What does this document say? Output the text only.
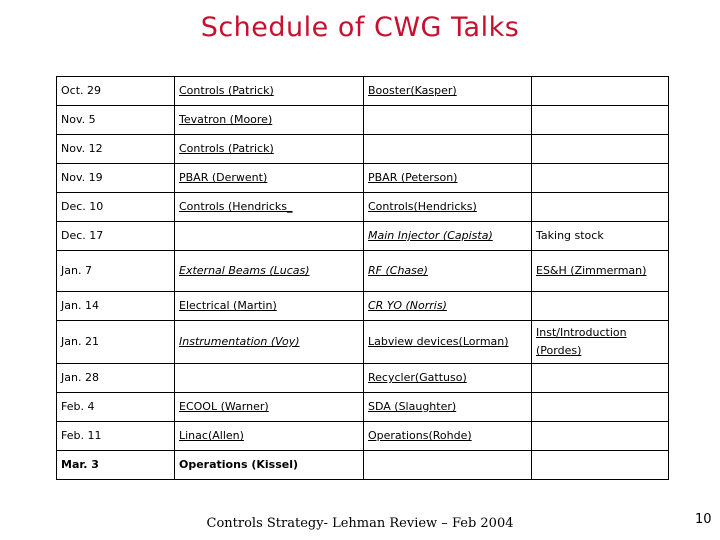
Schedule of CWG Talks
Oct. 29	Controls (Patrick)	Booster(Kasper)	
Nov. 5	Tevatron (Moore)		
Nov. 12	Controls (Patrick)		
Nov. 19	PBAR (Derwent)	PBAR (Peterson)	
Dec. 10	Controls (Hendricks_	Controls(Hendricks)	
Dec. 17		Main Injector (Capista)	Taking stock
Jan. 7	External Beams (Lucas)	RF (Chase)	ES&H (Zimmerman)
Jan. 14	Electrical (Martin)	CR YO (Norris)	
Jan. 21	Instrumentation (Voy)	Labview devices(Lorman)	Inst/Introduction (Pordes)
Jan. 28		Recycler(Gattuso)	
Feb. 4	ECOOL (Warner)	SDA (Slaughter)	
Feb. 11	Linac(Allen)	Operations(Rohde)	
Mar. 3	Operations (Kissel)		
Controls Strategy- Lehman Review – Feb 2004	10
